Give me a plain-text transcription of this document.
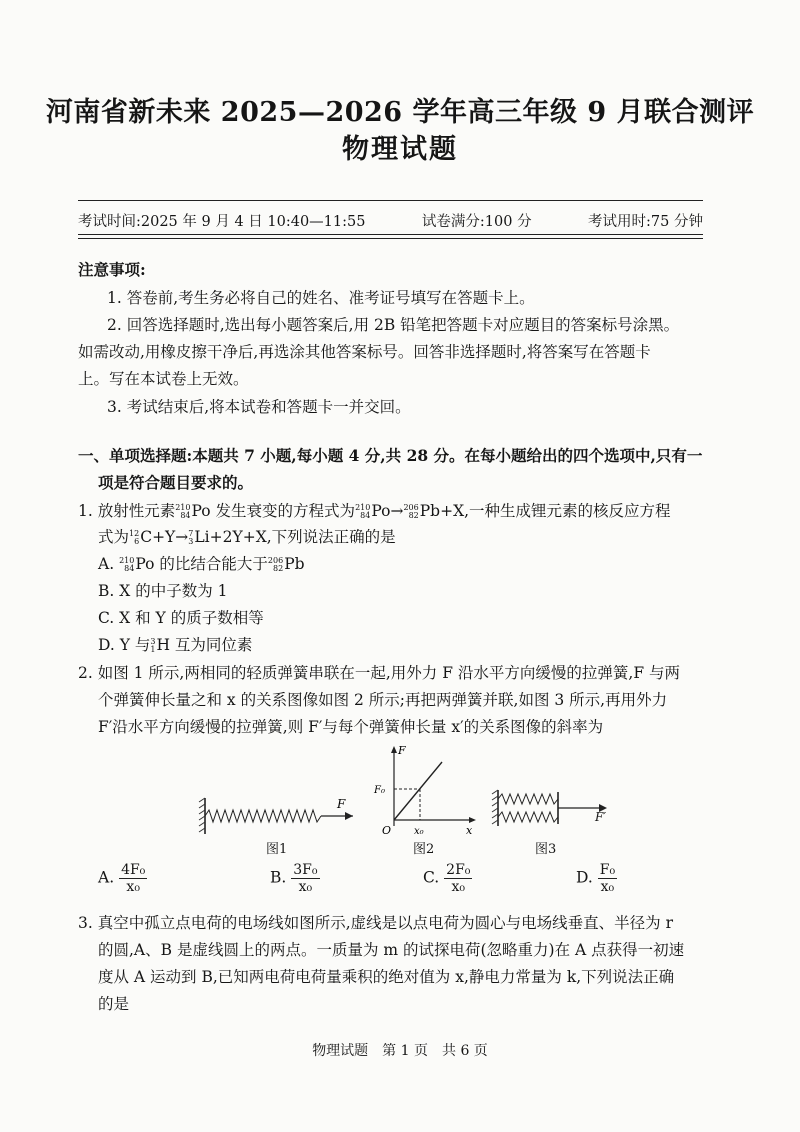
河南省新未来 2025—2026 学年高三年级 9 月联合测评
物理试题
考试时间:2025 年 9 月 4 日 10:40—11:55	试卷满分:100 分	考试用时:75 分钟
注意事项:
1. 答卷前,考生务必将自己的姓名、准考证号填写在答题卡上。
2. 回答选择题时,选出每小题答案后,用 2B 铅笔把答题卡对应题目的答案标号涂黑。
如需改动,用橡皮擦干净后,再选涂其他答案标号。回答非选择题时,将答案写在答题卡
上。写在本试卷上无效。
3. 考试结束后,将本试卷和答题卡一并交回。
一、单项选择题:本题共 7 小题,每小题 4 分,共 28 分。在每小题给出的四个选项中,只有一
项是符合题目要求的。
1. 放射性元素 210
84 Po 发生衰变的方程式为 210
84 Po→ 206
82 Pb+X,一种生成锂元素的核反应方程
式为 12
6 C+Y→ 7
3 Li+2Y+X,下列说法正确的是
A. 210
84 Po 的比结合能大于 206
82 Pb
B. X 的中子数为 1
C. X 和 Y 的质子数相等
D. Y 与 3
1 H 互为同位素
2. 如图 1 所示,两相同的轻质弹簧串联在一起,用外力 F 沿水平方向缓慢的拉弹簧,F 与两
个弹簧伸长量之和 x 的关系图像如图 2 所示;再把两弹簧并联,如图 3 所示,再用外力
F′沿水平方向缓慢的拉弹簧,则 F′与每个弹簧伸长量 x′的关系图像的斜率为
F
图1
F
x
O
F₀
x₀
图2
F′
图3
A. $\frac{\text{4F₀}}{\text{x₀}}$	B. $\frac{\text{3F₀}}{\text{x₀}}$	C. $\frac{\text{2F₀}}{\text{x₀}}$	D. $\frac{\text{F₀}}{\text{x₀}}$
3. 真空中孤立点电荷的电场线如图所示,虚线是以点电荷为圆心与电场线垂直、半径为 r
的圆,A、B 是虚线圆上的两点。一质量为 m 的试探电荷(忽略重力)在 A 点获得一初速
度从 A 运动到 B,已知两电荷电荷量乘积的绝对值为 x,静电力常量为 k,下列说法正确
的是
物理试题　第 1 页　共 6 页
